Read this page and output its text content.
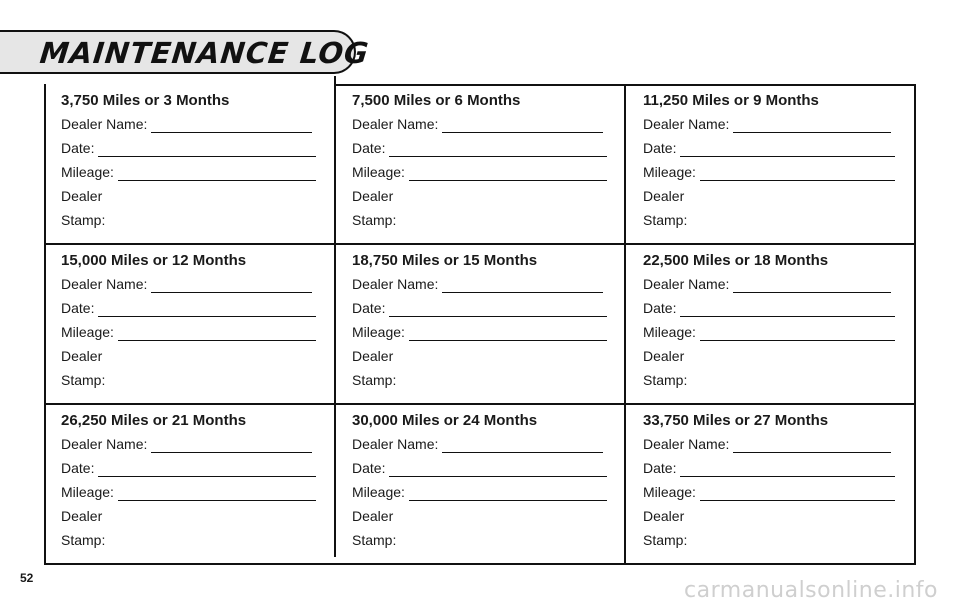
MAINTENANCE LOG
3,750 Miles or 3 Months
Dealer Name:
Date:
Mileage:
Dealer
Stamp:
7,500 Miles or 6 Months
Dealer Name:
Date:
Mileage:
Dealer
Stamp:
11,250 Miles or 9 Months
Dealer Name:
Date:
Mileage:
Dealer
Stamp:
15,000 Miles or 12 Months
Dealer Name:
Date:
Mileage:
Dealer
Stamp:
18,750 Miles or 15 Months
Dealer Name:
Date:
Mileage:
Dealer
Stamp:
22,500 Miles or 18 Months
Dealer Name:
Date:
Mileage:
Dealer
Stamp:
26,250 Miles or 21 Months
Dealer Name:
Date:
Mileage:
Dealer
Stamp:
30,000 Miles or 24 Months
Dealer Name:
Date:
Mileage:
Dealer
Stamp:
33,750 Miles or 27 Months
Dealer Name:
Date:
Mileage:
Dealer
Stamp:
52	carmanualsonline.info
